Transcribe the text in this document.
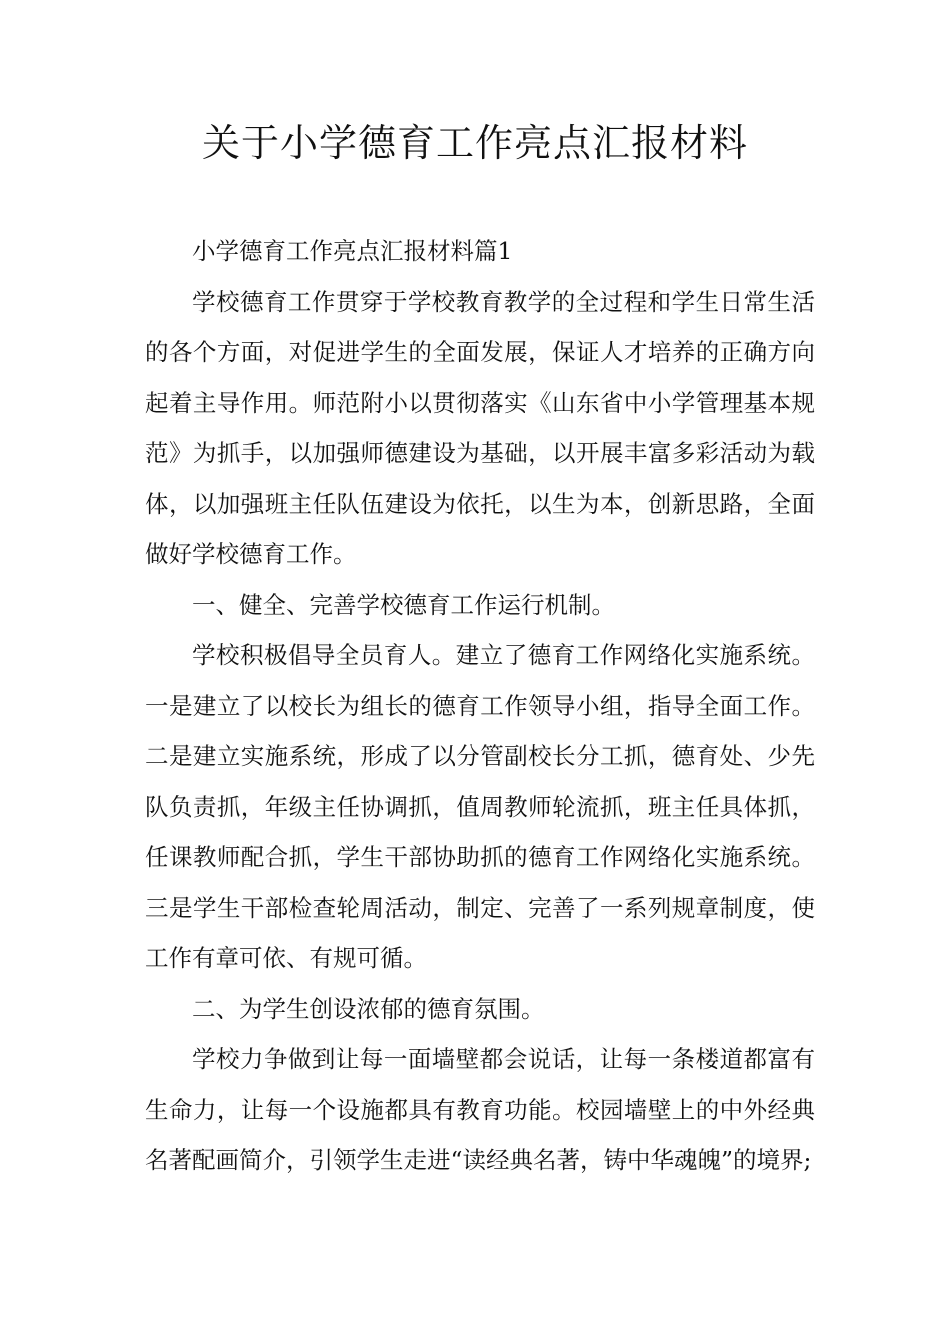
关于小学德育工作亮点汇报材料

小学德育工作亮点汇报材料篇1

学校德育工作贯穿于学校教育教学的全过程和学生日常生活的各个方面，对促进学生的全面发展，保证人才培养的正确方向起着主导作用。师范附小以贯彻落实《山东省中小学管理基本规范》为抓手，以加强师德建设为基础，以开展丰富多彩活动为载体，以加强班主任队伍建设为依托，以生为本，创新思路，全面做好学校德育工作。

一、健全、完善学校德育工作运行机制。

学校积极倡导全员育人。建立了德育工作网络化实施系统。一是建立了以校长为组长的德育工作领导小组，指导全面工作。二是建立实施系统，形成了以分管副校长分工抓，德育处、少先队负责抓，年级主任协调抓，值周教师轮流抓，班主任具体抓，任课教师配合抓，学生干部协助抓的德育工作网络化实施系统。三是学生干部检查轮周活动，制定、完善了一系列规章制度，使工作有章可依、有规可循。

二、为学生创设浓郁的德育氛围。

学校力争做到让每一面墙壁都会说话，让每一条楼道都富有生命力，让每一个设施都具有教育功能。校园墙壁上的中外经典名著配画简介，引领学生走进“读经典名著，铸中华魂魄”的境界;
